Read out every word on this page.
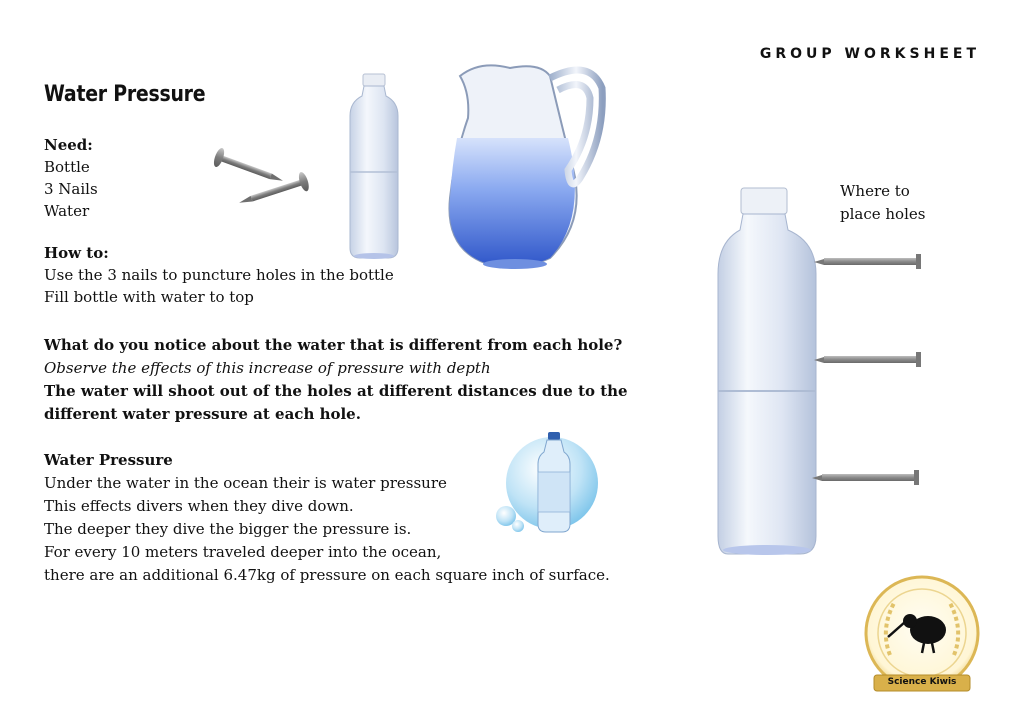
GROUP WORKSHEET
Water Pressure
Need:
Bottle
3 Nails
Water
How to:
Use the 3 nails to puncture holes in the bottle
Fill bottle with water to top
What do you notice about the water that is different from each hole?
Observe the effects of this increase of pressure with depth
The water will shoot out of the holes at different distances due to the
different water pressure at each hole.
Water Pressure
Under the water in the ocean their is water pressure
This effects divers when they dive down.
The deeper they dive the bigger the pressure is.
For every 10 meters traveled deeper into the ocean,
there are an additional 6.47kg of pressure on each square inch of surface.
Where to
place holes
Science Kiwis
